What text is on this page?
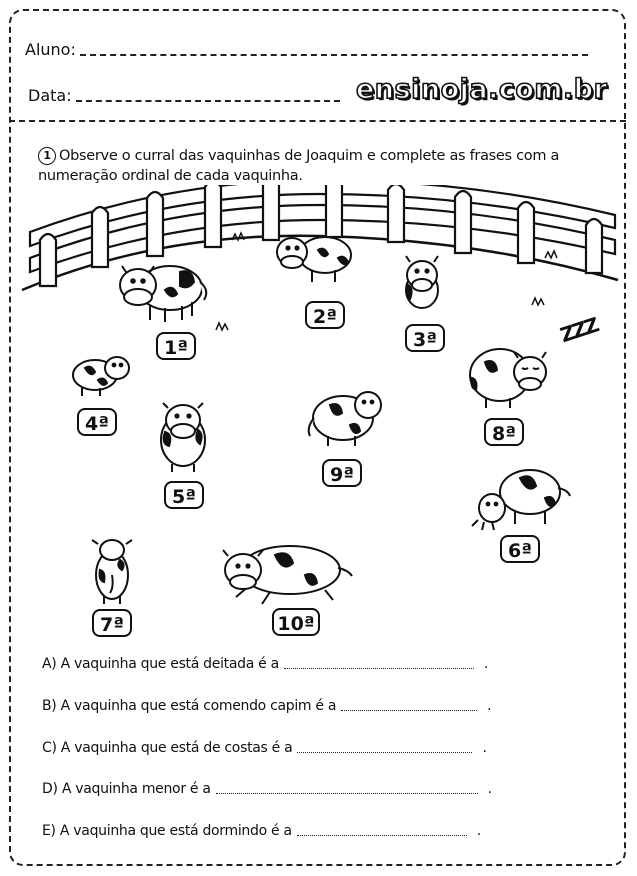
Aluno:
Data:	ensinoja.com.br
1 Observe o curral das vaquinhas de Joaquim e complete as frases com a numeração ordinal de cada vaquinha.
ZZZ
1ª
2ª
3ª
4ª
5ª
6ª
7ª
8ª
9ª
10ª
A) A vaquinha que está deitada é a	.
B) A vaquinha que está comendo capim é a	.
C) A vaquinha que está de costas é a	.
D) A vaquinha menor é a	.
E) A vaquinha que está dormindo é a	.
